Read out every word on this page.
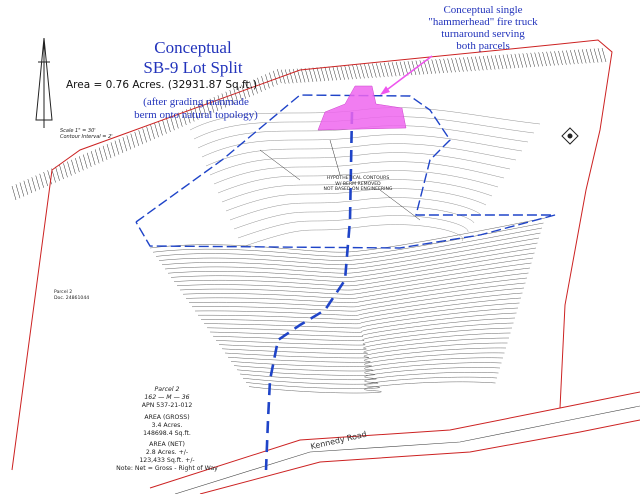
Conceptual
SB-9 Lot Split
Area = 0.76 Acres. (32931.87 Sq.ft.)
(after grading manmade
berm onto natural topology)
Conceptual single
"hammerhead" fire truck
turnaround serving
both parcels
Scale 1" = 30'
Contour Interval = 2'
HYPOTHETICAL CONTOURS
W/ BERM REMOVED
NOT BASED ON ENGINEERING
Parcel 2
Doc. 24861044
Parcel 2
162 — M — 36
APN 537-21-012
AREA (GROSS)
3.4 Acres.
148698.4 Sq.ft.
AREA (NET)
2.8 Acres. +/-
123,433 Sq.ft. +/-
Note: Net = Gross - Right of Way
Kennedy Road
